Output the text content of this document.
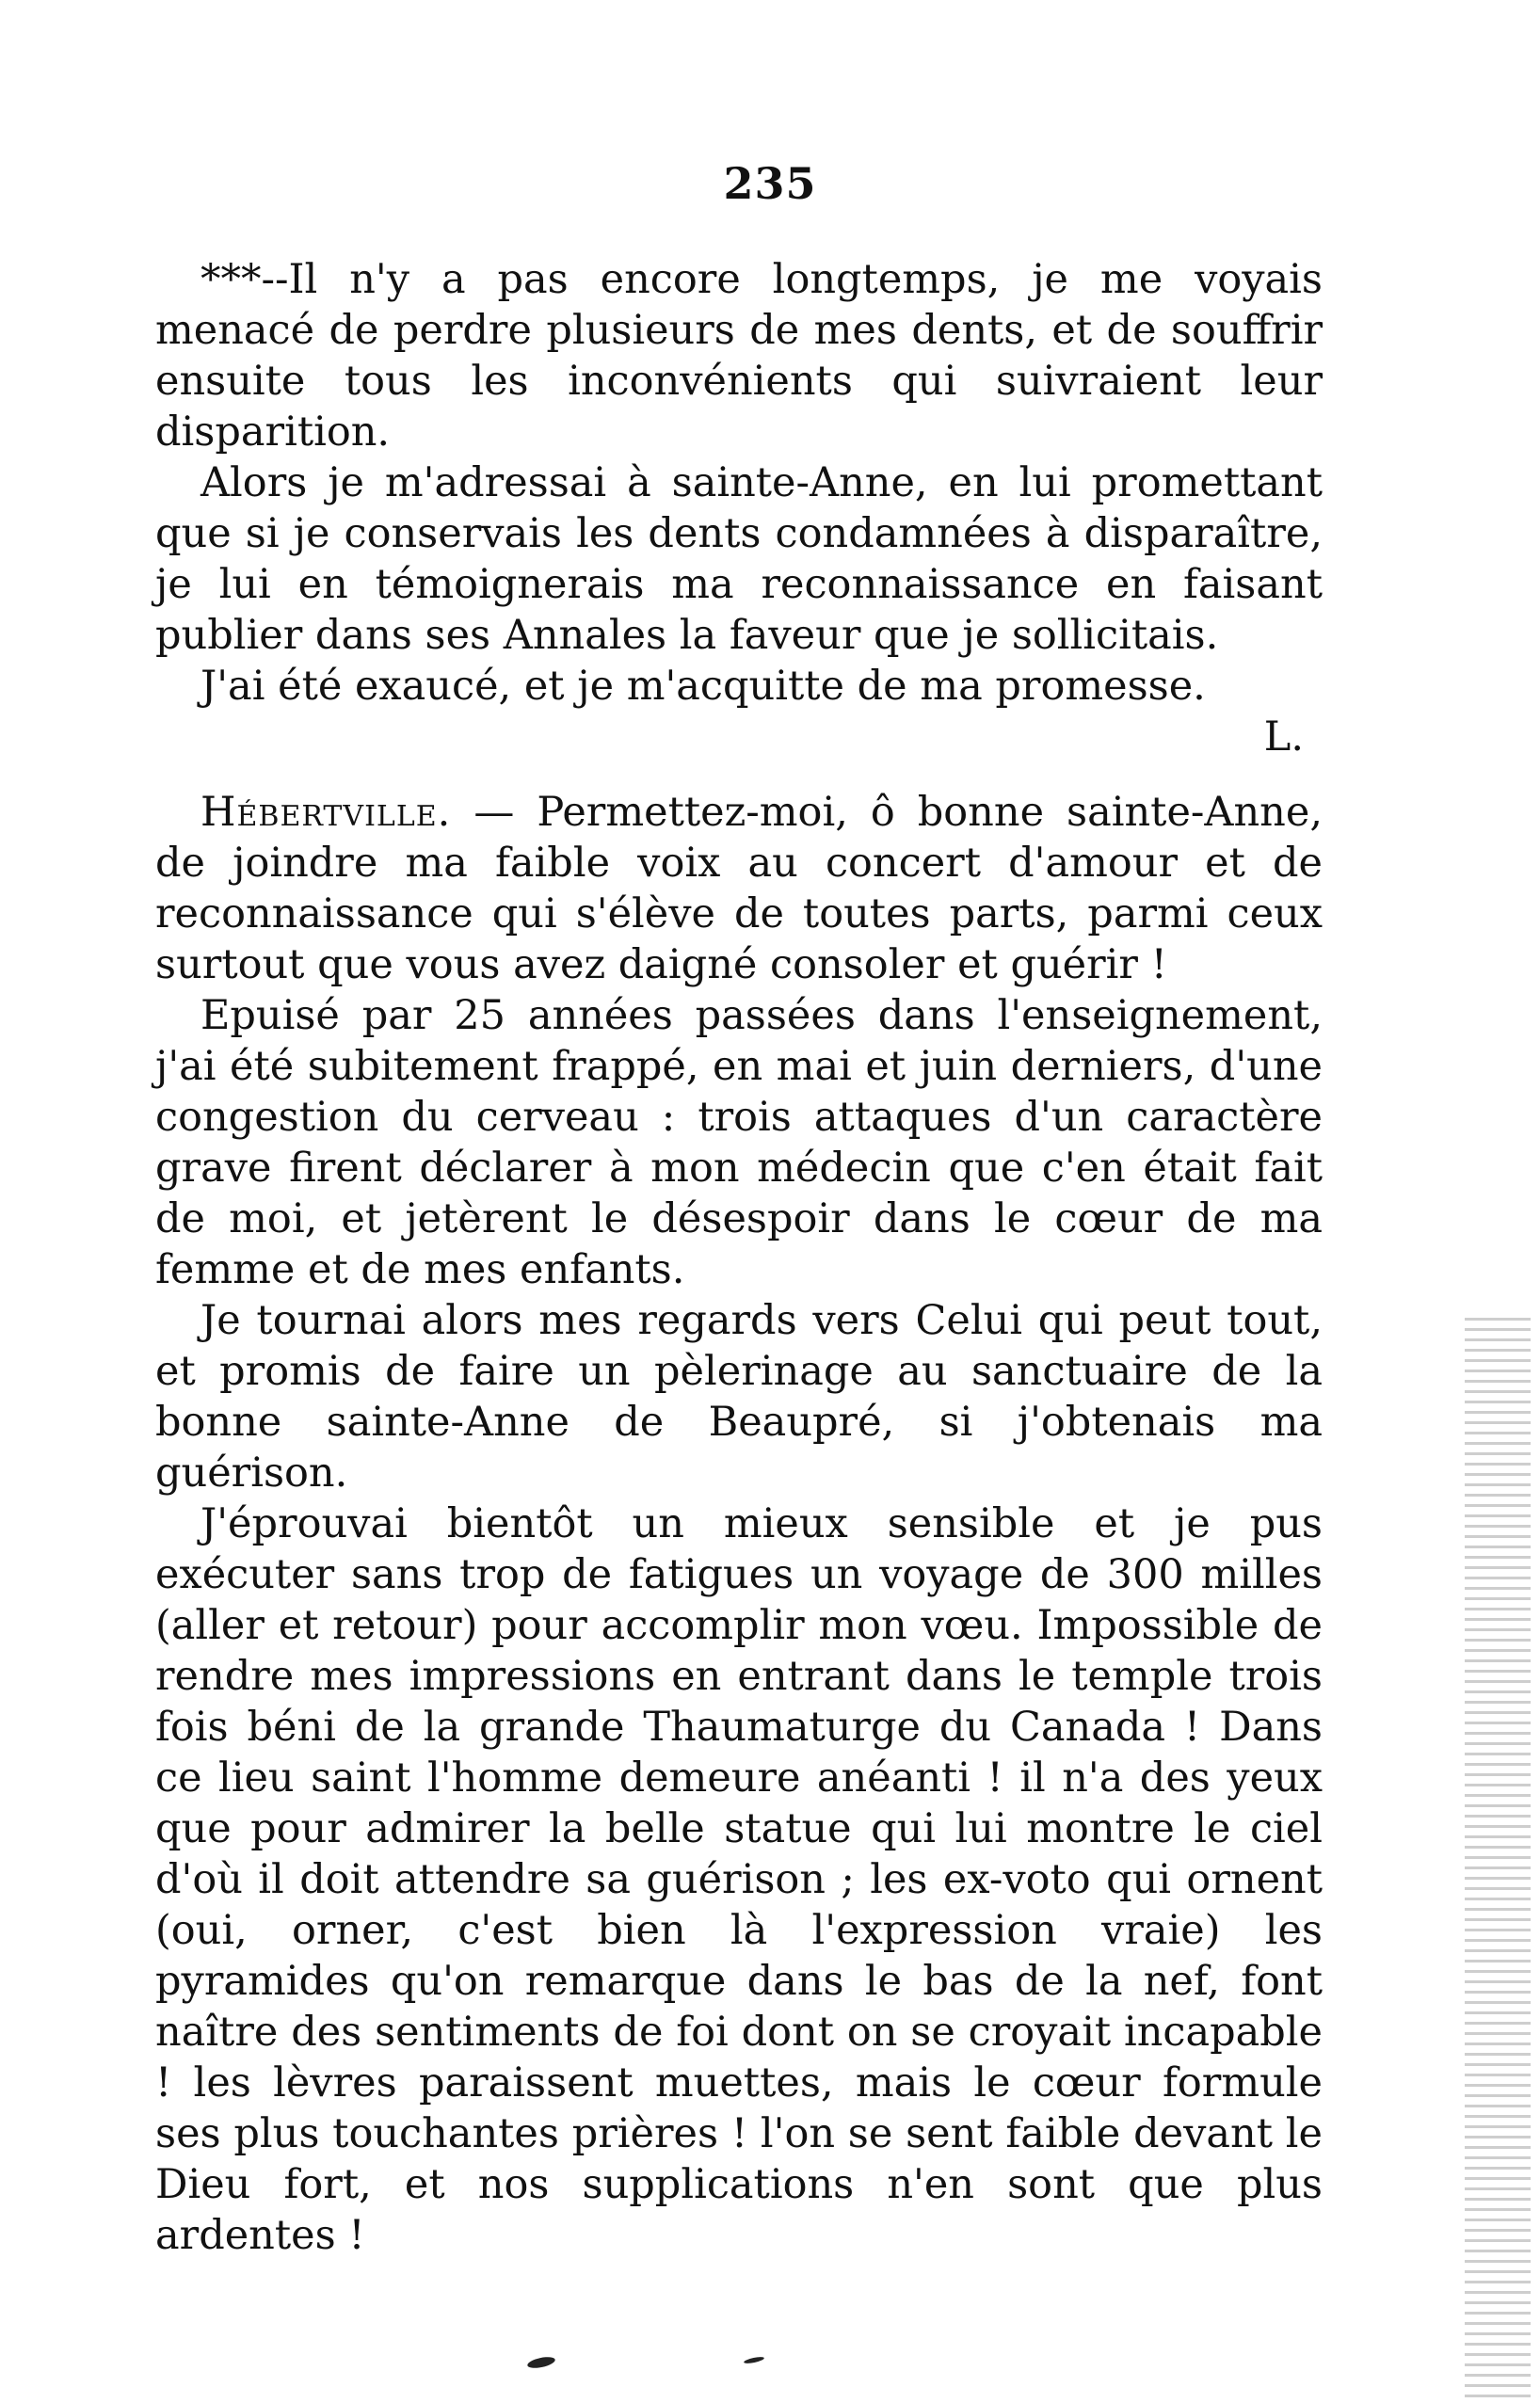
235

***--Il n'y a pas encore longtemps, je me voyais menacé de perdre plusieurs de mes dents, et de souffrir ensuite tous les inconvénients qui suivraient leur disparition.

Alors je m'adressai à sainte-Anne, en lui promettant que si je conservais les dents condamnées à disparaître, je lui en témoignerais ma reconnaissance en faisant publier dans ses Annales la faveur que je sollicitais.

J'ai été exaucé, et je m'acquitte de ma promesse.

L.

Hébertville. — Permettez-moi, ô bonne sainte-Anne, de joindre ma faible voix au concert d'amour et de reconnaissance qui s'élève de toutes parts, parmi ceux surtout que vous avez daigné consoler et guérir !

Epuisé par 25 années passées dans l'enseignement, j'ai été subitement frappé, en mai et juin derniers, d'une congestion du cerveau : trois attaques d'un caractère grave firent déclarer à mon médecin que c'en était fait de moi, et jetèrent le désespoir dans le cœur de ma femme et de mes enfants.

Je tournai alors mes regards vers Celui qui peut tout, et promis de faire un pèlerinage au sanctuaire de la bonne sainte-Anne de Beaupré, si j'obtenais ma guérison.

J'éprouvai bientôt un mieux sensible et je pus exécuter sans trop de fatigues un voyage de 300 milles (aller et retour) pour accomplir mon vœu. Impossible de rendre mes impressions en entrant dans le temple trois fois béni de la grande Thaumaturge du Canada ! Dans ce lieu saint l'homme demeure anéanti ! il n'a des yeux que pour admirer la belle statue qui lui montre le ciel d'où il doit attendre sa guérison ; les ex-voto qui ornent (oui, orner, c'est bien là l'expression vraie) les pyramides qu'on remarque dans le bas de la nef, font naître des sentiments de foi dont on se croyait incapable ! les lèvres paraissent muettes, mais le cœur formule ses plus touchantes prières ! l'on se sent faible devant le Dieu fort, et nos supplications n'en sont que plus ardentes !
